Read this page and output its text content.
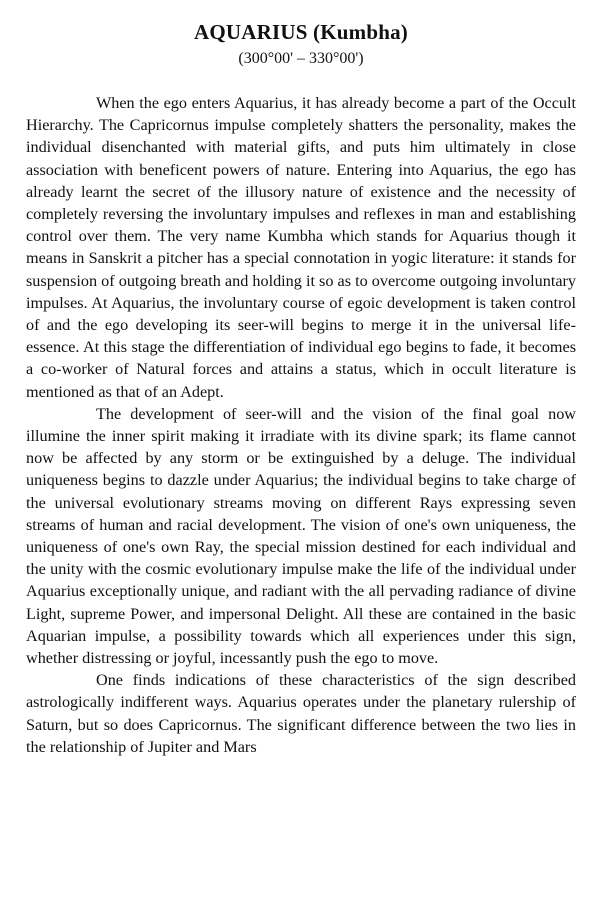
AQUARIUS (Kumbha)
(300°00' – 330°00')

When the ego enters Aquarius, it has already become a part of the Occult Hierarchy. The Capricornus impulse completely shatters the personality, makes the individual disenchanted with material gifts, and puts him ultimately in close association with beneficent powers of nature. Entering into Aquarius, the ego has already learnt the secret of the illusory nature of existence and the necessity of completely reversing the involuntary impulses and reflexes in man and establishing control over them. The very name Kumbha which stands for Aquarius though it means in Sanskrit a pitcher has a special connotation in yogic literature: it stands for suspension of outgoing breath and holding it so as to overcome outgoing involuntary impulses. At Aquarius, the involuntary course of egoic development is taken control of and the ego developing its seer-will begins to merge it in the universal life-essence. At this stage the differentiation of individual ego begins to fade, it becomes a co-worker of Natural forces and attains a status, which in occult literature is mentioned as that of an Adept.

The development of seer-will and the vision of the final goal now illumine the inner spirit making it irradiate with its divine spark; its flame cannot now be affected by any storm or be extinguished by a deluge. The individual uniqueness begins to dazzle under Aquarius; the individual begins to take charge of the universal evolutionary streams moving on different Rays expressing seven streams of human and racial development. The vision of one's own uniqueness, the uniqueness of one's own Ray, the special mission destined for each individual and the unity with the cosmic evolutionary impulse make the life of the individual under Aquarius exceptionally unique, and radiant with the all pervading radiance of divine Light, supreme Power, and impersonal Delight. All these are contained in the basic Aquarian impulse, a possibility towards which all experiences under this sign, whether distressing or joyful, incessantly push the ego to move.

One finds indications of these characteristics of the sign described astrologically indifferent ways. Aquarius operates under the planetary rulership of Saturn, but so does Capricornus. The significant difference between the two lies in the relationship of Jupiter and Mars
